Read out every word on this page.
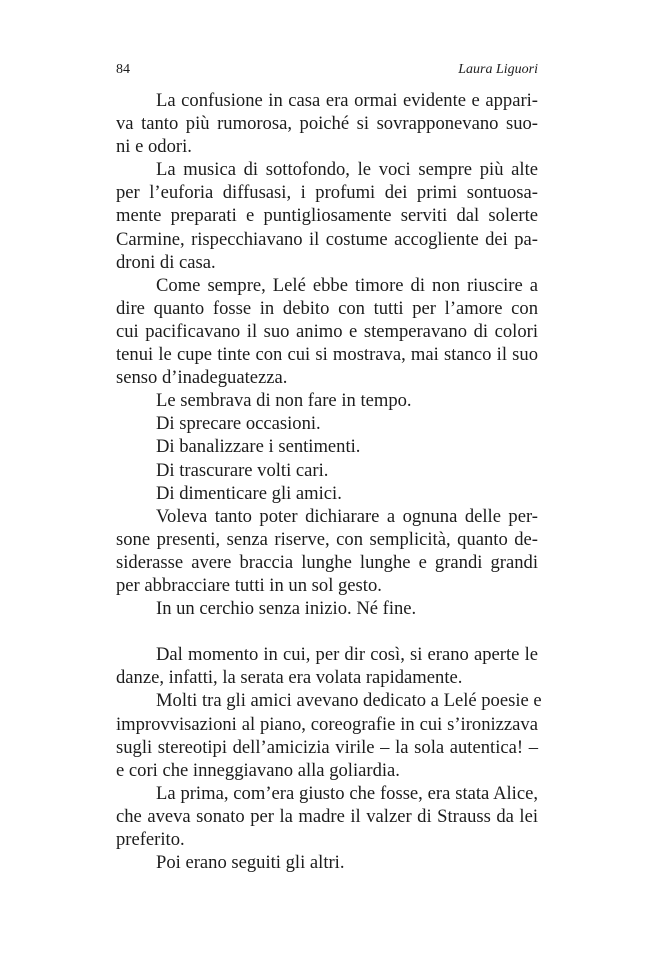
84	Laura Liguori
La confusione in casa era ormai evidente e appari-
va tanto più rumorosa, poiché si sovrapponevano suo-
ni e odori.
La musica di sottofondo, le voci sempre più alte
per l’euforia diffusasi, i profumi dei primi sontuosa-
mente preparati e puntigliosamente serviti dal solerte
Carmine, rispecchiavano il costume accogliente dei pa-
droni di casa.
Come sempre, Lelé ebbe timore di non riuscire a
dire quanto fosse in debito con tutti per l’amore con
cui pacificavano il suo animo e stemperavano di colori
tenui le cupe tinte con cui si mostrava, mai stanco il suo
senso d’inadeguatezza.
Le sembrava di non fare in tempo.
Di sprecare occasioni.
Di banalizzare i sentimenti.
Di trascurare volti cari.
Di dimenticare gli amici.
Voleva tanto poter dichiarare a ognuna delle per-
sone presenti, senza riserve, con semplicità, quanto de-
siderasse avere braccia lunghe lunghe e grandi grandi
per abbracciare tutti in un sol gesto.
In un cerchio senza inizio. Né fine.
Dal momento in cui, per dir così, si erano aperte le
danze, infatti, la serata era volata rapidamente.
Molti tra gli amici avevano dedicato a Lelé poesie e
improvvisazioni al piano, coreografie in cui s’ironizzava
sugli stereotipi dell’amicizia virile – la sola autentica! –
e cori che inneggiavano alla goliardia.
La prima, com’era giusto che fosse, era stata Alice,
che aveva sonato per la madre il valzer di Strauss da lei
preferito.
Poi erano seguiti gli altri.
